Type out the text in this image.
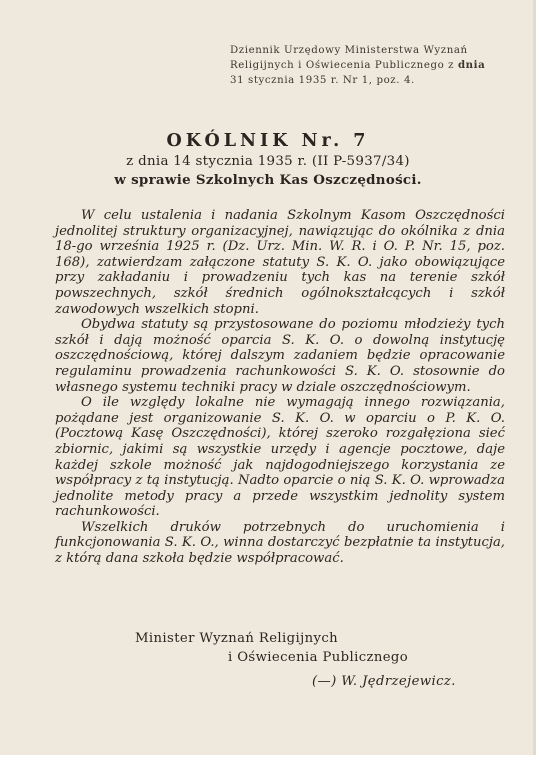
Dziennik Urzędowy Ministerstwa Wyznań
Religijnych i Oświecenia Publicznego z dnia
31 stycznia 1935 r. Nr 1, poz. 4.
OKÓLNIK Nr. 7
z dnia 14 stycznia 1935 r. (II P-5937/34)
w sprawie Szkolnych Kas Oszczędności.

W celu ustalenia i nadania Szkolnym Kasom Oszczędności jednolitej struktury organizacyjnej, nawiązując do okólnika z dnia 18-go września 1925 r. (Dz. Urz. Min. W. R. i O. P. Nr. 15, poz. 168), zatwierdzam załączone statuty S. K. O. jako obowiązujące przy zakładaniu i prowadzeniu tych kas na terenie szkół powszechnych, szkół średnich ogólnokształcących i szkół zawodowych wszelkich stopni.

Obydwa statuty są przystosowane do poziomu młodzieży tych szkół i dają możność oparcia S. K. O. o dowolną instytucję oszczędnościową, której dalszym zadaniem będzie opracowanie regulaminu prowadzenia rachunkowości S. K. O. stosownie do własnego systemu techniki pracy w dziale oszczędnościowym.

O ile względy lokalne nie wymagają innego rozwiązania, pożądane jest organizowanie S. K. O. w oparciu o P. K. O. (Pocztową Kasę Oszczędności), której szeroko rozgałęziona sieć zbiornic, jakimi są wszystkie urzędy i agencje pocztowe, daje każdej szkole możność jak najdogodniejszego korzystania ze współpracy z tą instytucją. Nadto oparcie o nią S. K. O. wprowadza jednolite metody pracy a przede wszystkim jednolity system rachunkowości.

Wszelkich druków potrzebnych do uruchomienia i funkcjonowania S. K. O., winna dostarczyć bezpłatnie ta instytucja, z którą dana szkoła będzie współpracować.

Minister Wyznań Religijnych
i Oświecenia Publicznego
(—) W. Jędrzejewicz.
